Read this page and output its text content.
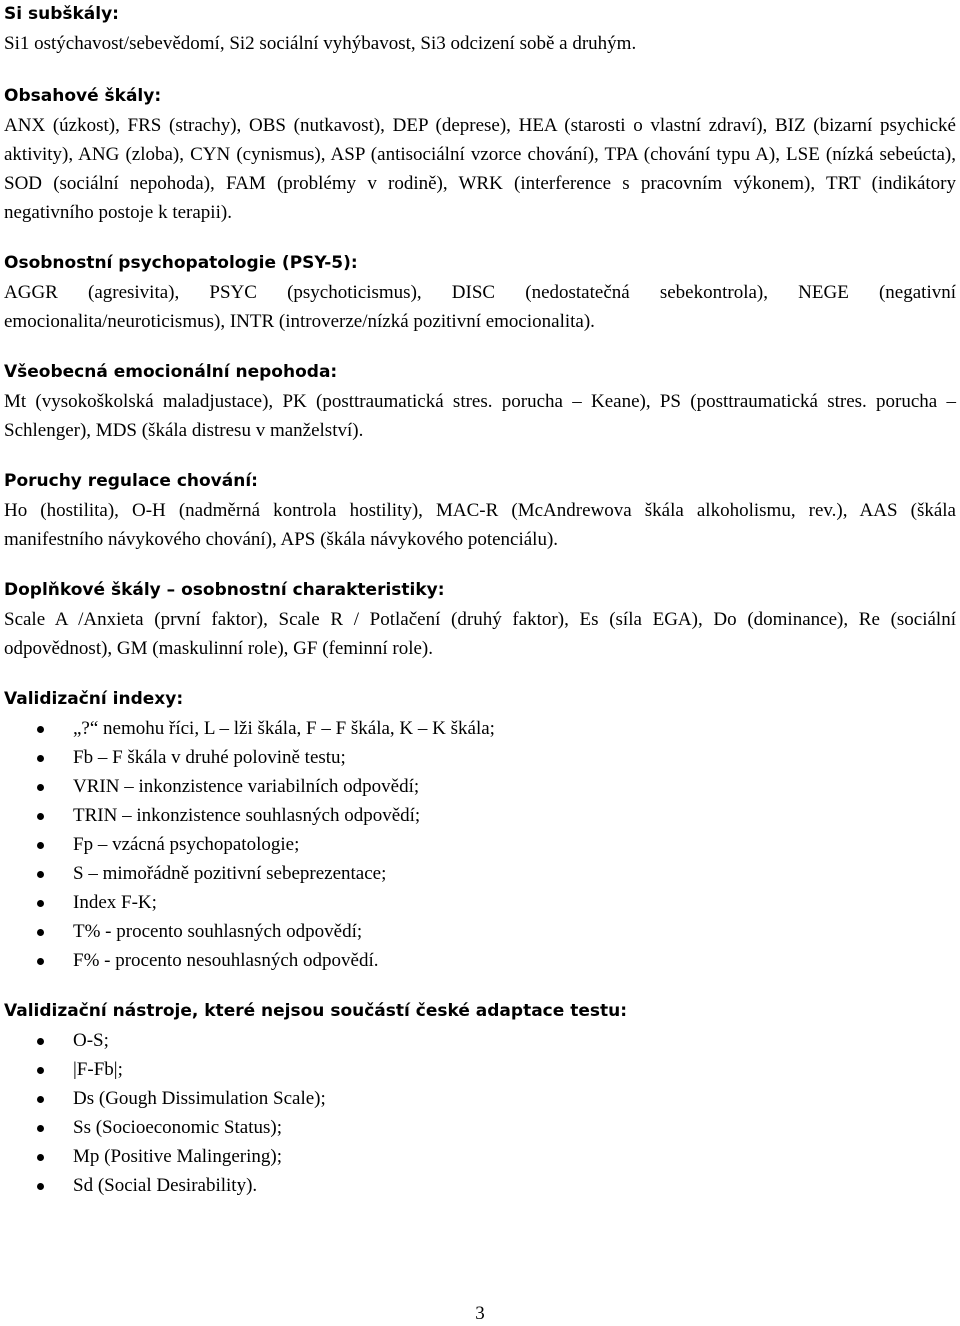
Si subškály:

Si1 ostýchavost/sebevědomí, Si2 sociální vyhýbavost, Si3 odcizení sobě a druhým.

Obsahové škály:

ANX (úzkost), FRS (strachy), OBS (nutkavost), DEP (deprese), HEA (starosti o vlastní zdraví), BIZ (bizarní psychické aktivity), ANG (zloba), CYN (cynismus), ASP (antisociální vzorce chování), TPA (chování typu A), LSE (nízká sebeúcta), SOD (sociální nepohoda), FAM (problémy v rodině), WRK (interference s pracovním výkonem), TRT (indikátory negativního postoje k terapii).

Osobnostní psychopatologie (PSY-5):

AGGR (agresivita), PSYC (psychoticismus), DISC (nedostatečná sebekontrola), NEGE (negativní emocionalita/neuroticismus), INTR (introverze/nízká pozitivní emocionalita).

Všeobecná emocionální nepohoda:

Mt (vysokoškolská maladjustace), PK (posttraumatická stres. porucha – Keane), PS (posttraumatická stres. porucha – Schlenger), MDS (škála distresu v manželství).

Poruchy regulace chování:

Ho (hostilita), O-H (nadměrná kontrola hostility), MAC-R (McAndrewova škála alkoholismu, rev.), AAS (škála manifestního návykového chování), APS (škála návykového potenciálu).

Doplňkové škály – osobnostní charakteristiky:

Scale A /Anxieta (první faktor), Scale R / Potlačení (druhý faktor), Es (síla EGA), Do (dominance), Re (sociální odpovědnost), GM (maskulinní role), GF (feminní role).

Validizační indexy:

„?“ nemohu říci, L – lži škála, F – F škála, K – K škála;
Fb – F škála v druhé polovině testu;
VRIN – inkonzistence variabilních odpovědí;
TRIN – inkonzistence souhlasných odpovědí;
Fp – vzácná psychopatologie;
S – mimořádně pozitivní sebeprezentace;
Index F-K;
T% - procento souhlasných odpovědí;
F% - procento nesouhlasných odpovědí.

Validizační nástroje, které nejsou součástí české adaptace testu:

O-S;
|F-Fb|;
Ds (Gough Dissimulation Scale);
Ss (Socioeconomic Status);
Mp (Positive Malingering);
Sd (Social Desirability).
3
